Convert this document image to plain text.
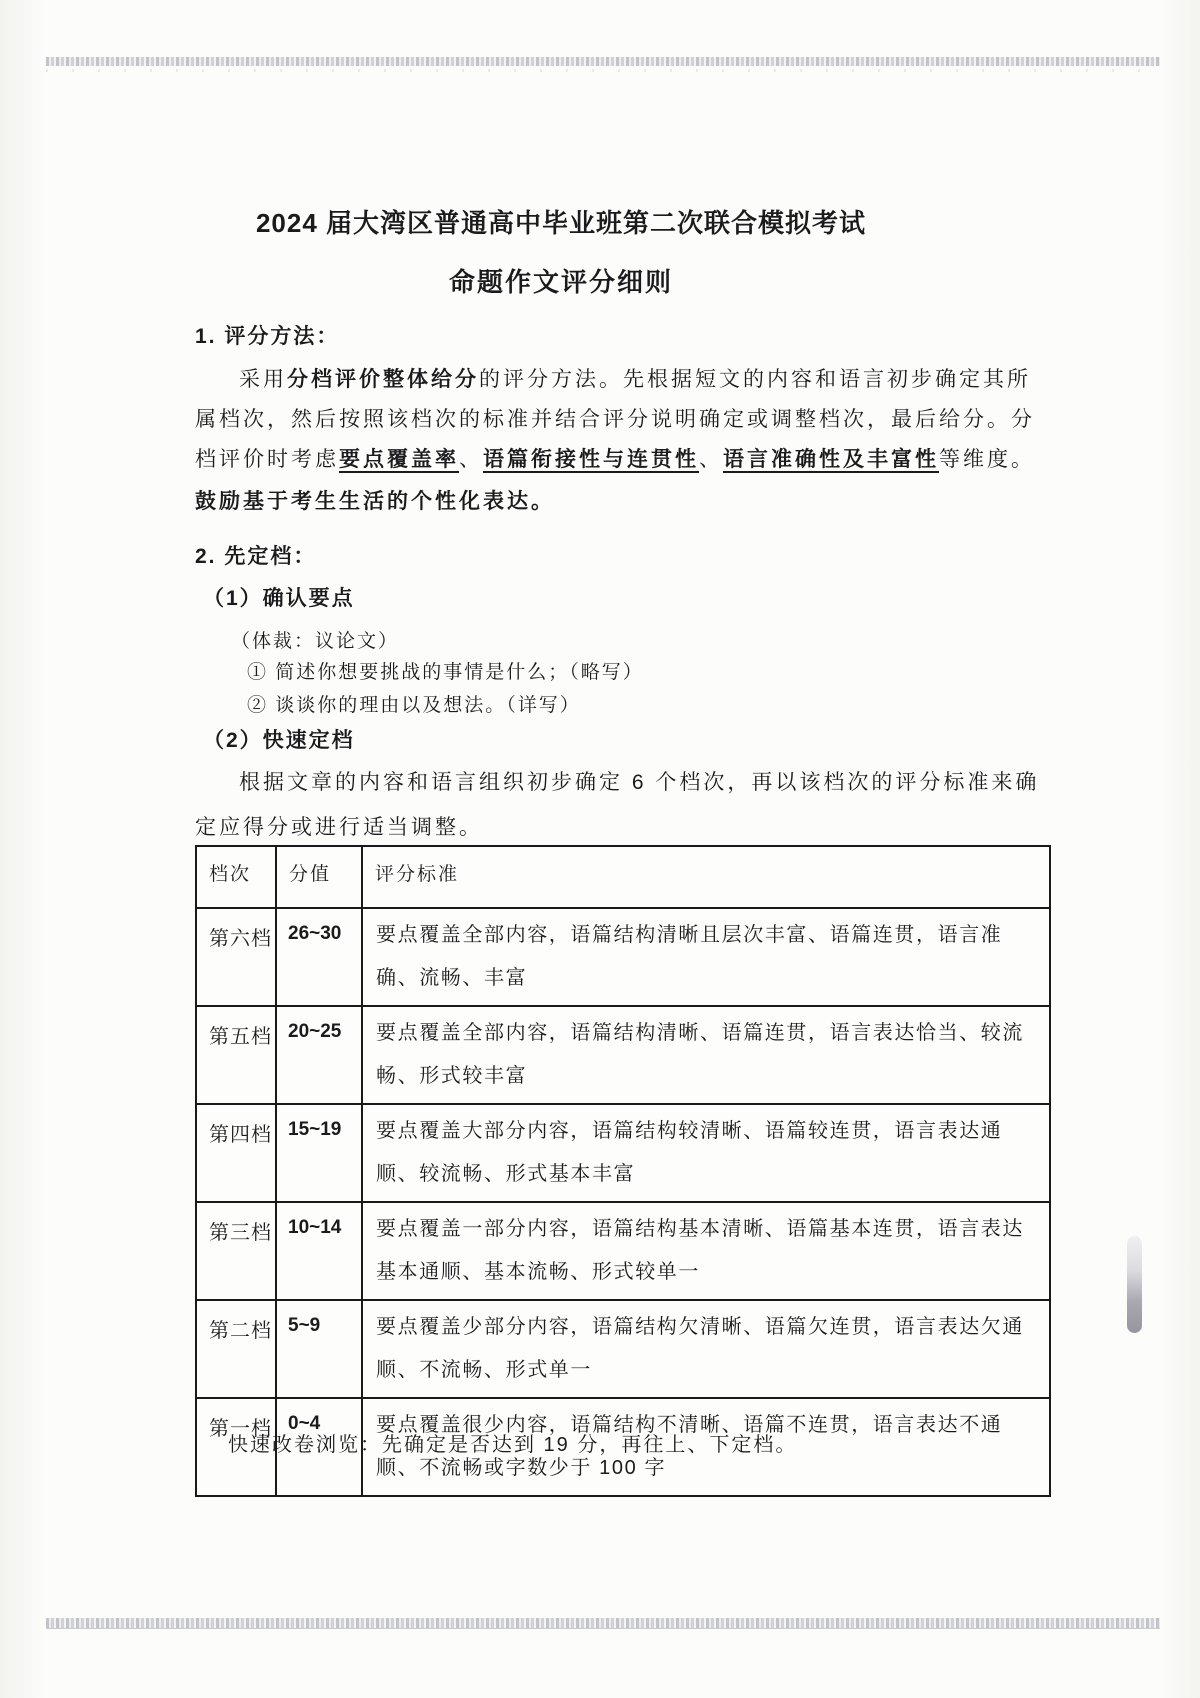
2024 届大湾区普通高中毕业班第二次联合模拟考试
命题作文评分细则
1. 评分方法：
采用分档评价整体给分的评分方法。先根据短文的内容和语言初步确定其所
属档次，然后按照该档次的标准并结合评分说明确定或调整档次，最后给分。分
档评价时考虑要点覆盖率、语篇衔接性与连贯性、语言准确性及丰富性等维度。
鼓励基于考生生活的个性化表达。
2. 先定档：
（1）确认要点
（体裁：议论文）
① 简述你想要挑战的事情是什么；（略写）
② 谈谈你的理由以及想法。（详写）
（2）快速定档
根据文章的内容和语言组织初步确定 6 个档次，再以该档次的评分标准来确
定应得分或进行适当调整。
档次	分值	评分标准
第六档	26~30	要点覆盖全部内容，语篇结构清晰且层次丰富、语篇连贯，语言准确、流畅、丰富
第五档	20~25	要点覆盖全部内容，语篇结构清晰、语篇连贯，语言表达恰当、较流畅、形式较丰富
第四档	15~19	要点覆盖大部分内容，语篇结构较清晰、语篇较连贯，语言表达通顺、较流畅、形式基本丰富
第三档	10~14	要点覆盖一部分内容，语篇结构基本清晰、语篇基本连贯，语言表达基本通顺、基本流畅、形式较单一
第二档	5~9	要点覆盖少部分内容，语篇结构欠清晰、语篇欠连贯，语言表达欠通顺、不流畅、形式单一
第一档	0~4	要点覆盖很少内容，语篇结构不清晰、语篇不连贯，语言表达不通顺、不流畅或字数少于 100 字
快速改卷浏览：先确定是否达到 19 分，再往上、下定档。
